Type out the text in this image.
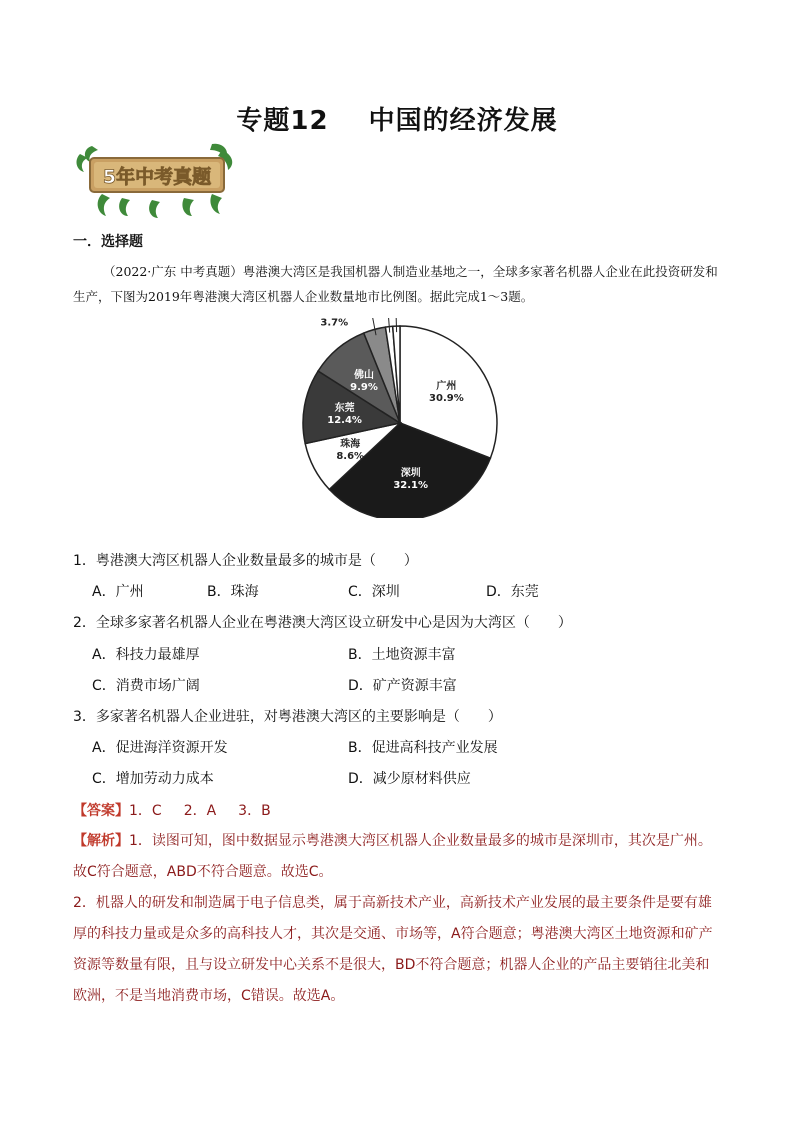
专题12 中国的经济发展
5年中考真题
一．选择题
（2022·广东 中考真题）粤港澳大湾区是我国机器人制造业基地之一，全球多家著名机器人企业在此投资研发和生产，下图为2019年粤港澳大湾区机器人企业数量地市比例图。据此完成1～3题。
广州
30.9%
深圳
32.1%
珠海
8.6%
东莞
12.4%
佛山
9.9%
3.7%
1．粤港澳大湾区机器人企业数量最多的城市是（　　）
A．广州	B．珠海	C．深圳	D．东莞
2．全球多家著名机器人企业在粤港澳大湾区设立研发中心是因为大湾区（　　）
A．科技力最雄厚	B．土地资源丰富
C．消费市场广阔	D．矿产资源丰富
3．多家著名机器人企业进驻，对粤港澳大湾区的主要影响是（　　）
A．促进海洋资源开发	B．促进高科技产业发展
C．增加劳动力成本	D．减少原材料供应
【答案】1．C 2．A 3．B
【解析】1．读图可知，图中数据显示粤港澳大湾区机器人企业数量最多的城市是深圳市，其次是广州。故C符合题意，ABD不符合题意。故选C。
2．机器人的研发和制造属于电子信息类，属于高新技术产业，高新技术产业发展的最主要条件是要有雄厚的科技力量或是众多的高科技人才，其次是交通、市场等，A符合题意；粤港澳大湾区土地资源和矿产资源等数量有限，且与设立研发中心关系不是很大，BD不符合题意；机器人企业的产品主要销往北美和欧洲，不是当地消费市场，C错误。故选A。
